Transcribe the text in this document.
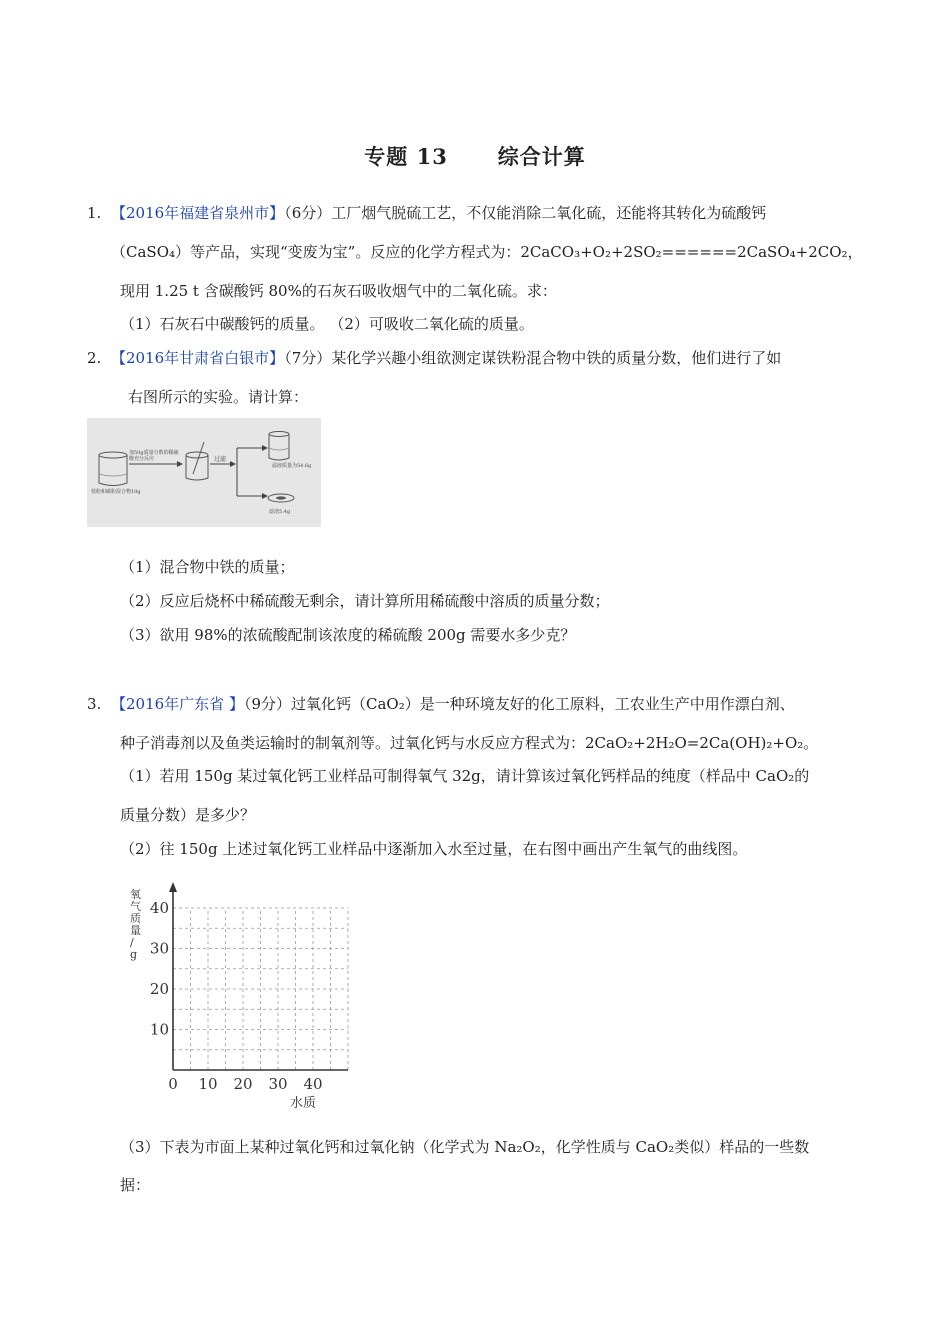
专题 13      综合计算
1. 【2016年福建省泉州市】（6分）工厂烟气脱硫工艺，不仅能消除二氧化硫，还能将其转化为硫酸钙
（CaSO₄）等产品，实现“变废为宝”。反应的化学方程式为：2CaCO₃+O₂+2SO₂======2CaSO₄+2CO₂，
现用 1.25 t 含碳酸钙 80%的石灰石吸收烟气中的二氧化硫。求：
（1）石灰石中碳酸钙的质量。 （2）可吸收二氧化硫的质量。
2. 【2016年甘肃省白银市】（7分）某化学兴趣小组欲测定谋铁粉混合物中铁的质量分数，他们进行了如
右图所示的实验。请计算：
加50g质量分数的稀硫酸充分反应	过滤
铁粉和碳粉混合物10g
滤液质量为54.6g
滤渣5.4g
（1）混合物中铁的质量；
（2）反应后烧杯中稀硫酸无剩余，请计算所用稀硫酸中溶质的质量分数；
（3）欲用 98%的浓硫酸配制该浓度的稀硫酸 200g 需要水多少克？
3. 【2016年广东省 】（9分）过氧化钙（CaO₂）是一种环境友好的化工原料，工农业生产中用作漂白剂、
种子消毒剂以及鱼类运输时的制氧剂等。过氧化钙与水反应方程式为：2CaO₂+2H₂O=2Ca(OH)₂+O₂。
（1）若用 150g 某过氧化钙工业样品可制得氧气 32g，请计算该过氧化钙样品的纯度（样品中 CaO₂的
质量分数）是多少？
（2）往 150g 上述过氧化钙工业样品中逐渐加入水至过量，在右图中画出产生氧气的曲线图。
10
20
30
40
0 10 20 30 40
水质
氧气质量/ g
（3）下表为市面上某种过氧化钙和过氧化钠（化学式为 Na₂O₂，化学性质与 CaO₂类似）样品的一些数
据：
